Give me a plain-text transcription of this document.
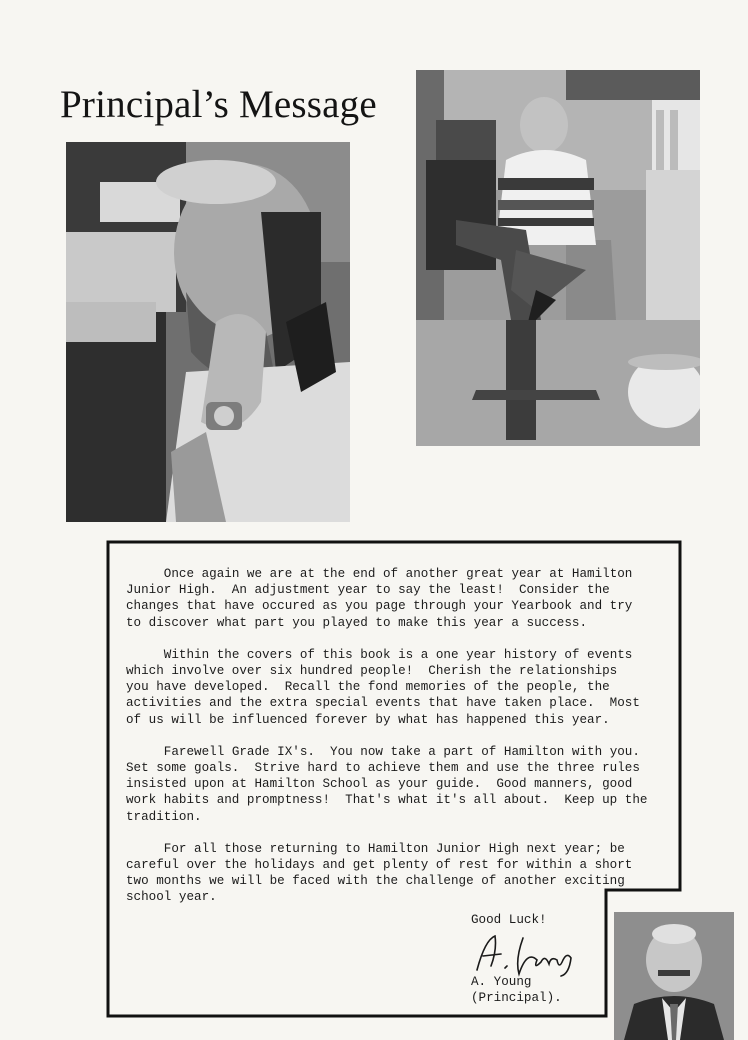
Principal’s Message

Once again we are at the end of another great year at Hamilton
Junior High.  An adjustment year to say the least!  Consider the
changes that have occured as you page through your Yearbook and try
to discover what part you played to make this year a success.

Within the covers of this book is a one year history of events
which involve over six hundred people!  Cherish the relationships
you have developed.  Recall the fond memories of the people, the
activities and the extra special events that have taken place.  Most
of us will be influenced forever by what has happened this year.

Farewell Grade IX's.  You now take a part of Hamilton with you.
Set some goals.  Strive hard to achieve them and use the three rules
insisted upon at Hamilton School as your guide.  Good manners, good
work habits and promptness!  That's what it's all about.  Keep up the
tradition.

For all those returning to Hamilton Junior High next year; be
careful over the holidays and get plenty of rest for within a short
two months we will be faced with the challenge of another exciting
school year.

Good Luck!
A. Young
(Principal).
